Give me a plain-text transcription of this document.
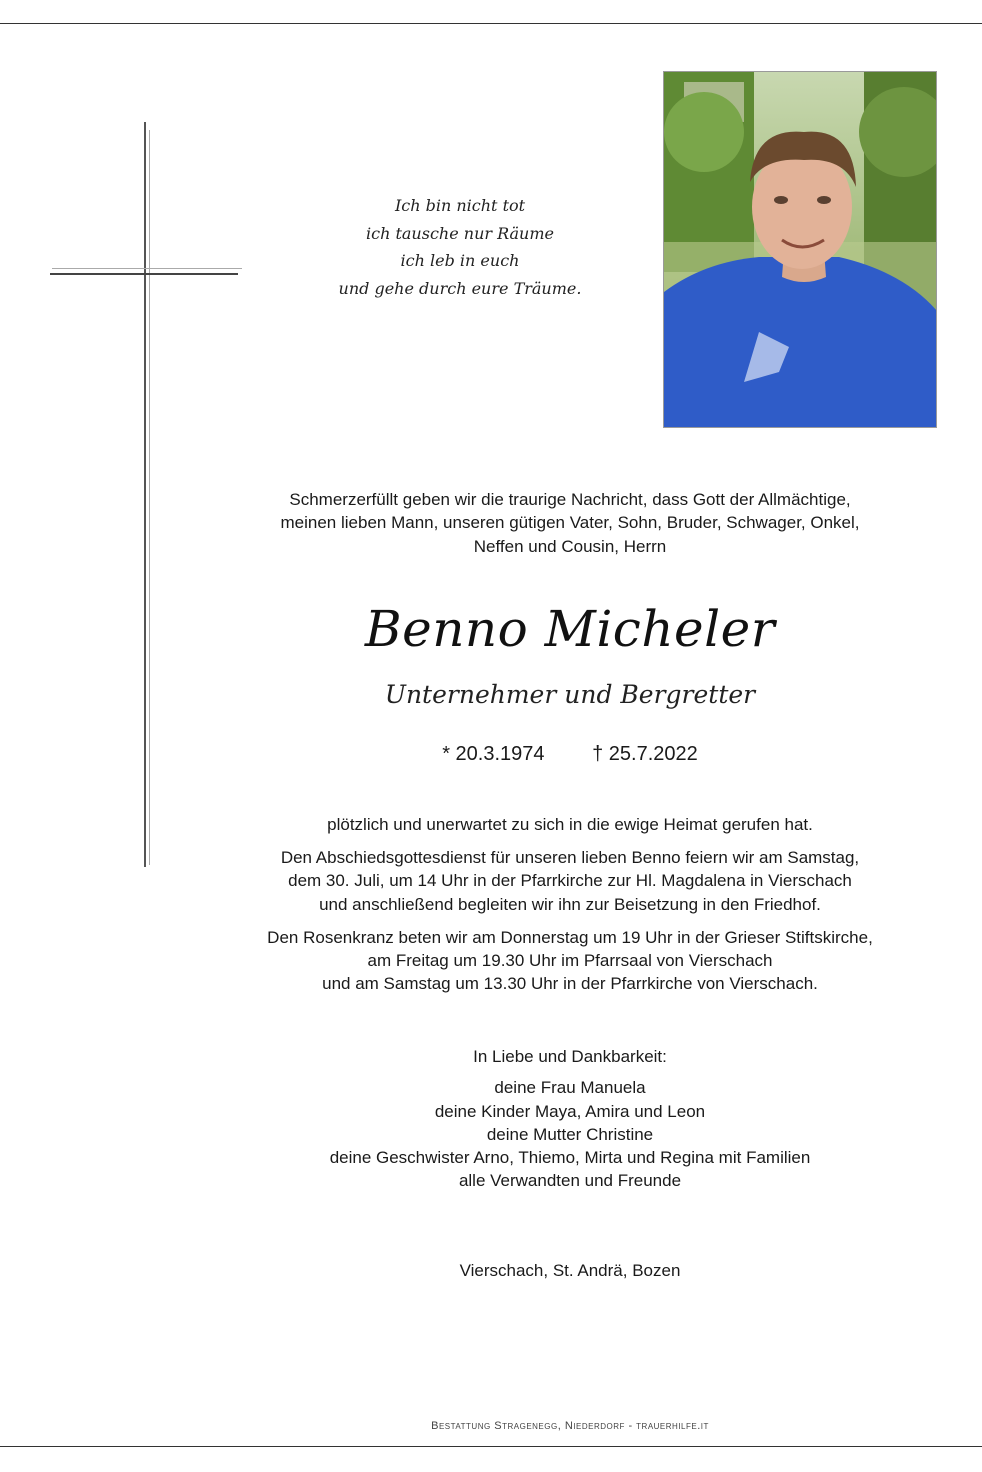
Ich bin nicht tot
ich tausche nur Räume
ich leb in euch
und gehe durch eure Träume.
Schmerzerfüllt geben wir die traurige Nachricht, dass Gott der Allmächtige,
meinen lieben Mann, unseren gütigen Vater, Sohn, Bruder, Schwager, Onkel,
Neffen und Cousin, Herrn
Benno Micheler
Unternehmer und Bergretter
* 20.3.1974 † 25.7.2022
plötzlich und unerwartet zu sich in die ewige Heimat gerufen hat.
Den Abschiedsgottesdienst für unseren lieben Benno feiern wir am Samstag,
dem 30. Juli, um 14 Uhr in der Pfarrkirche zur Hl. Magdalena in Vierschach
und anschließend begleiten wir ihn zur Beisetzung in den Friedhof.
Den Rosenkranz beten wir am Donnerstag um 19 Uhr in der Grieser Stiftskirche,
am Freitag um 19.30 Uhr im Pfarrsaal von Vierschach
und am Samstag um 13.30 Uhr in der Pfarrkirche von Vierschach.
In Liebe und Dankbarkeit:
deine Frau Manuela
deine Kinder Maya, Amira und Leon
deine Mutter Christine
deine Geschwister Arno, Thiemo, Mirta und Regina mit Familien
alle Verwandten und Freunde
Vierschach, St. Andrä, Bozen
Bestattung Stragenegg, Niederdorf - trauerhilfe.it
